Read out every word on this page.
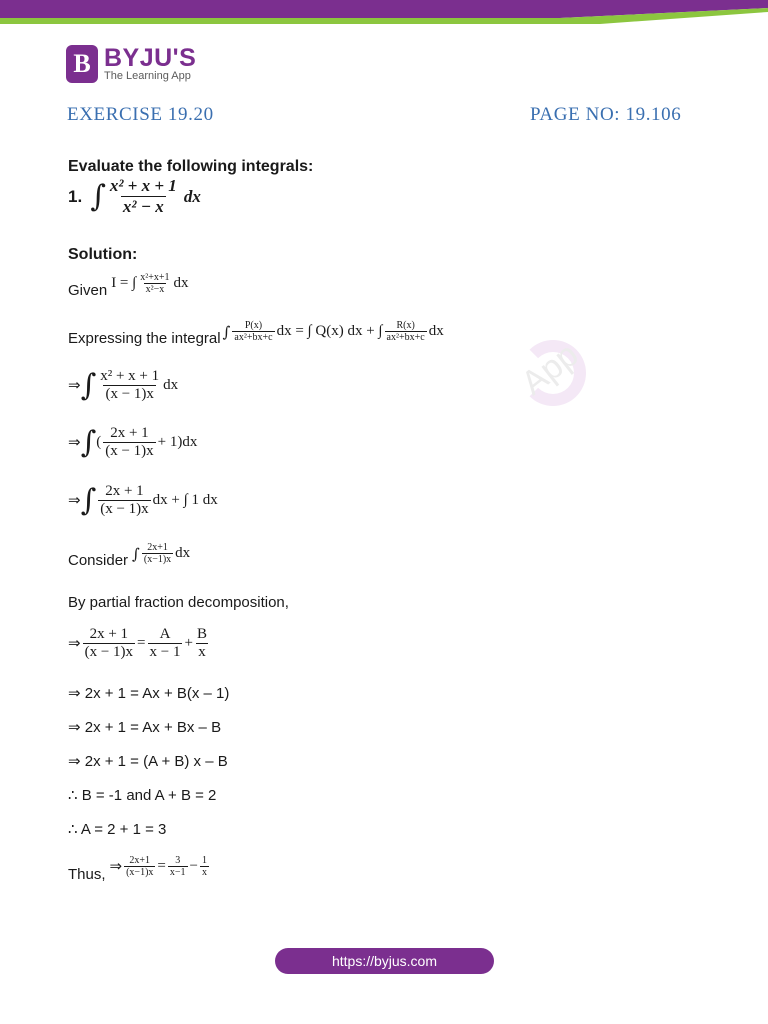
B BYJU'S
The Learning App
EXERCISE 19.20	PAGE NO: 19.106
App
Evaluate the following integrals:
1. ∫ $\frac{\text{x² + x + 1}}{\text{x² − x}}$ dx
Solution:
Given I = ∫ $\frac{\text{x²+x+1}}{\text{x²−x}}$ dx
Expressing the integral ∫ $\frac{P(x)}{\text{ax²+bx+c}}$ dx = ∫ Q(x) dx + ∫ $\frac{R(x)}{\text{ax²+bx+c}}$ dx
⇒ ∫ $\frac{\text{x² + x + 1}}{(x - 1)x}$ dx
⇒ ∫ ( $\frac{2x + 1}{(x - 1)x} + 1)dx$
⇒ ∫ $\frac{2x + 1}{(x - 1)x}$ dx + ∫ 1 dx
Consider ∫ $\frac{2x+1}{(x-1)x}$ dx
By partial fraction decomposition,
⇒ $\frac{2x + 1}{(x - 1)x} = \frac{A}{x - 1} + \frac{B}{x}$
⇒ 2x + 1 = Ax + B(x – 1)
⇒ 2x + 1 = Ax + Bx – B
⇒ 2x + 1 = (A + B) x – B
∴ B = -1 and A + B = 2
∴ A = 2 + 1 = 3
Thus, ⇒ $\frac{2x+1}{(x-1)x} = \frac{3}{x-1} - \frac{1}{x}$
https://byjus.com
